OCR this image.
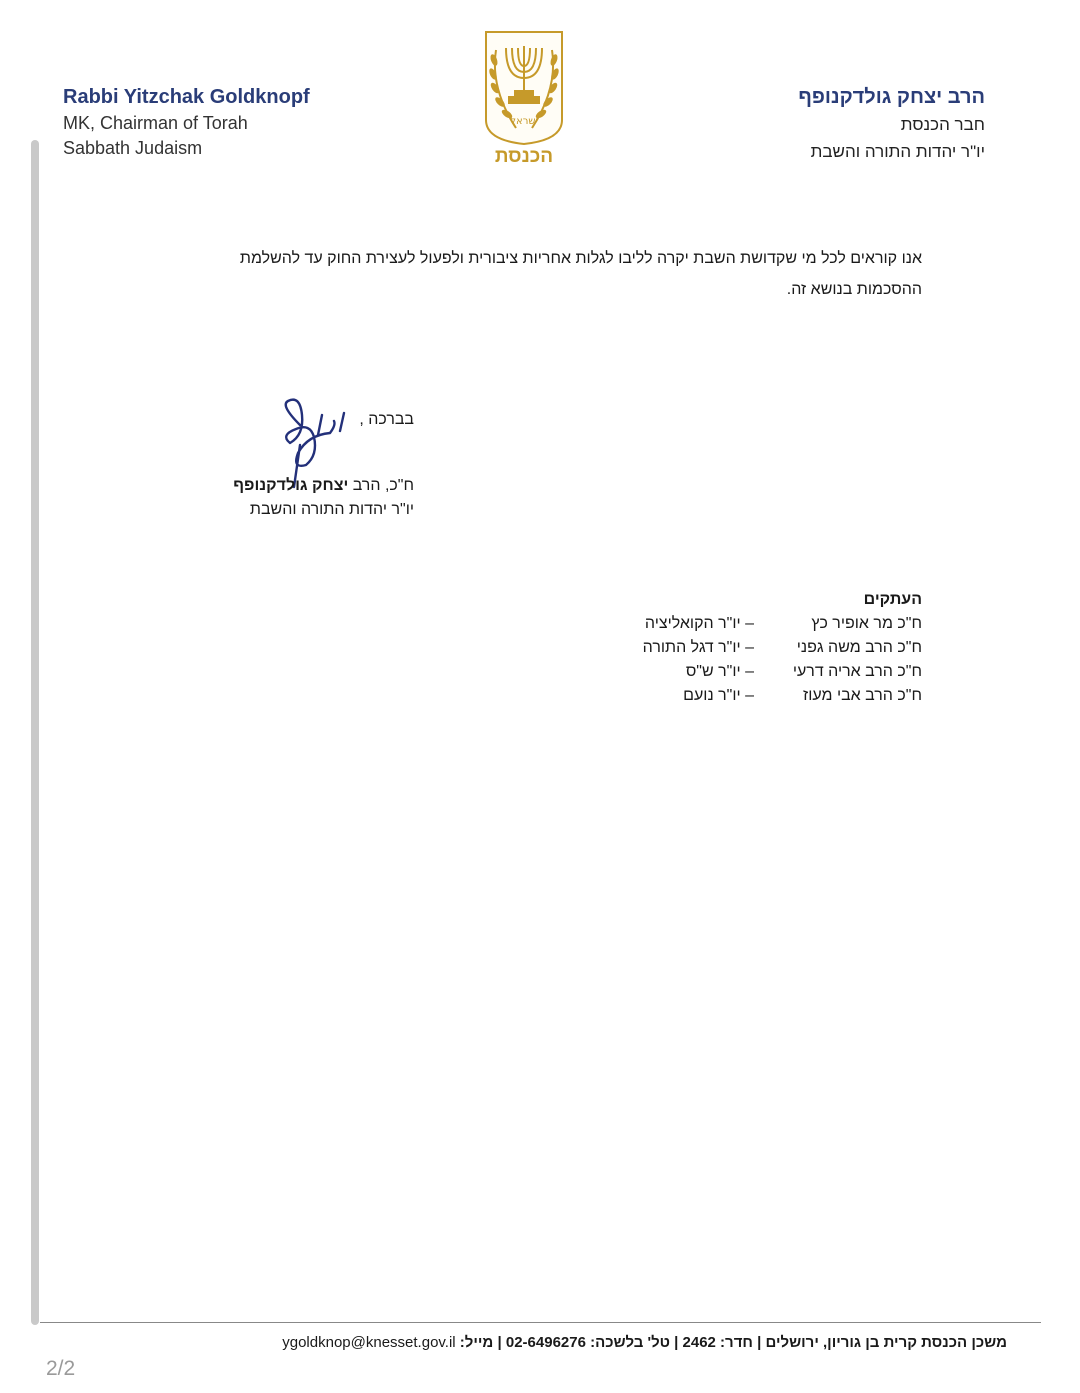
Rabbi Yitzchak Goldknopf
MK, Chairman of Torah
Sabbath Judaism
ישראל
הכנסת
הרב יצחק גולדקנופף
חבר הכנסת
יו"ר יהדות התורה והשבת
אנו קוראים לכל מי שקדושת השבת יקרה לליבו לגלות אחריות ציבורית ולפעול לעצירת החוק עד להשלמת ההסכמות בנושא זה.
בברכה ,
ח"כ, הרב יצחק גולדקנופף
יו"ר יהדות התורה והשבת
העתקים
ח"כ מר אופיר כץ
– יו"ר הקואליציה
ח"כ הרב משה גפני
– יו"ר דגל התורה
ח"כ הרב אריה דרעי
– יו"ר ש"ס
ח"כ הרב אבי מעוז
– יו"ר נועם
משכן הכנסת קרית בן גוריון, ירושלים | חדר: 2462 | טל' בלשכה: 02-6496276 | מייל: ygoldknop@knesset.gov.il
2/2
